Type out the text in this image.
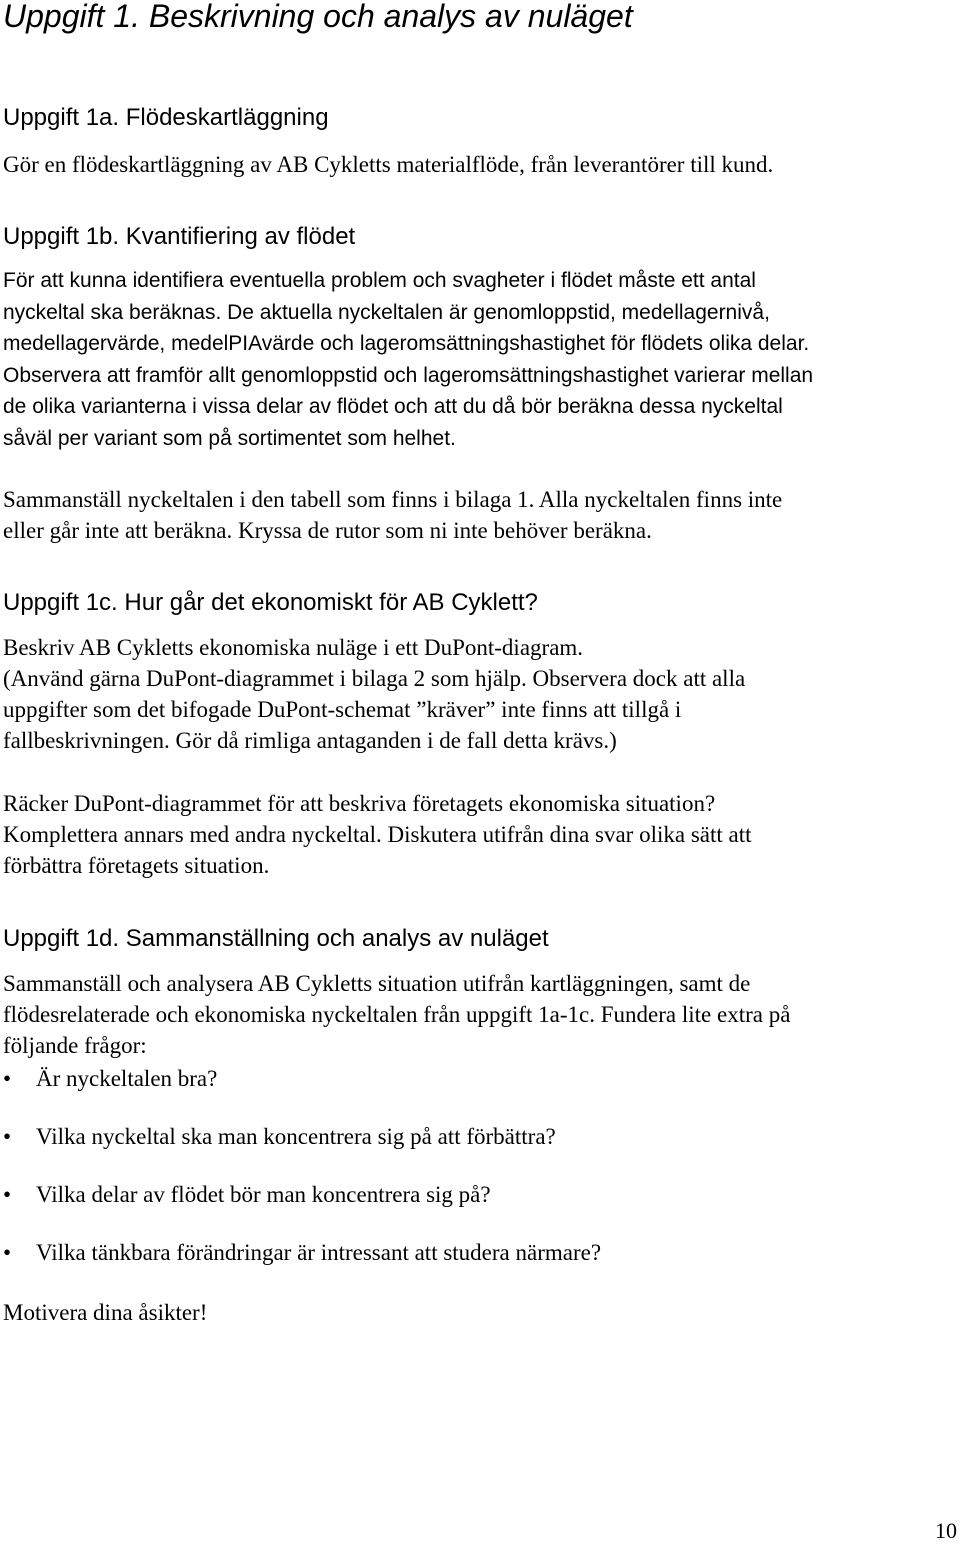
Uppgift 1. Beskrivning och analys av nuläget
Uppgift 1a. Flödeskartläggning

Gör en flödeskartläggning av AB Cykletts materialflöde, från leverantörer till kund.

Uppgift 1b. Kvantifiering av flödet
För att kunna identifiera eventuella problem och svagheter i flödet måste ett antal
nyckeltal ska beräknas. De aktuella nyckeltalen är genomloppstid, medellagernivå,
medellagervärde, medelPIAvärde och lageromsättningshastighet för flödets olika delar.
Observera att framför allt genomloppstid och lageromsättningshastighet varierar mellan
de olika varianterna i vissa delar av flödet och att du då bör beräkna dessa nyckeltal
såväl per variant som på sortimentet som helhet.
Sammanställ nyckeltalen i den tabell som finns i bilaga 1. Alla nyckeltalen finns inte
eller går inte att beräkna. Kryssa de rutor som ni inte behöver beräkna.
Uppgift 1c. Hur går det ekonomiskt för AB Cyklett?
Beskriv AB Cykletts ekonomiska nuläge i ett DuPont-diagram.
(Använd gärna DuPont-diagrammet i bilaga 2 som hjälp. Observera dock att alla
uppgifter som det bifogade DuPont-schemat ”kräver” inte finns att tillgå i
fallbeskrivningen. Gör då rimliga antaganden i de fall detta krävs.)
Räcker DuPont-diagrammet för att beskriva företagets ekonomiska situation?
Komplettera annars med andra nyckeltal. Diskutera utifrån dina svar olika sätt att
förbättra företagets situation.
Uppgift 1d. Sammanställning och analys av nuläget
Sammanställ och analysera AB Cykletts situation utifrån kartläggningen, samt de
flödesrelaterade och ekonomiska nyckeltalen från uppgift 1a-1c. Fundera lite extra på
följande frågor:
• Är nyckeltalen bra?
• Vilka nyckeltal ska man koncentrera sig på att förbättra?
• Vilka delar av flödet bör man koncentrera sig på?
• Vilka tänkbara förändringar är intressant att studera närmare?

Motivera dina åsikter!

10
